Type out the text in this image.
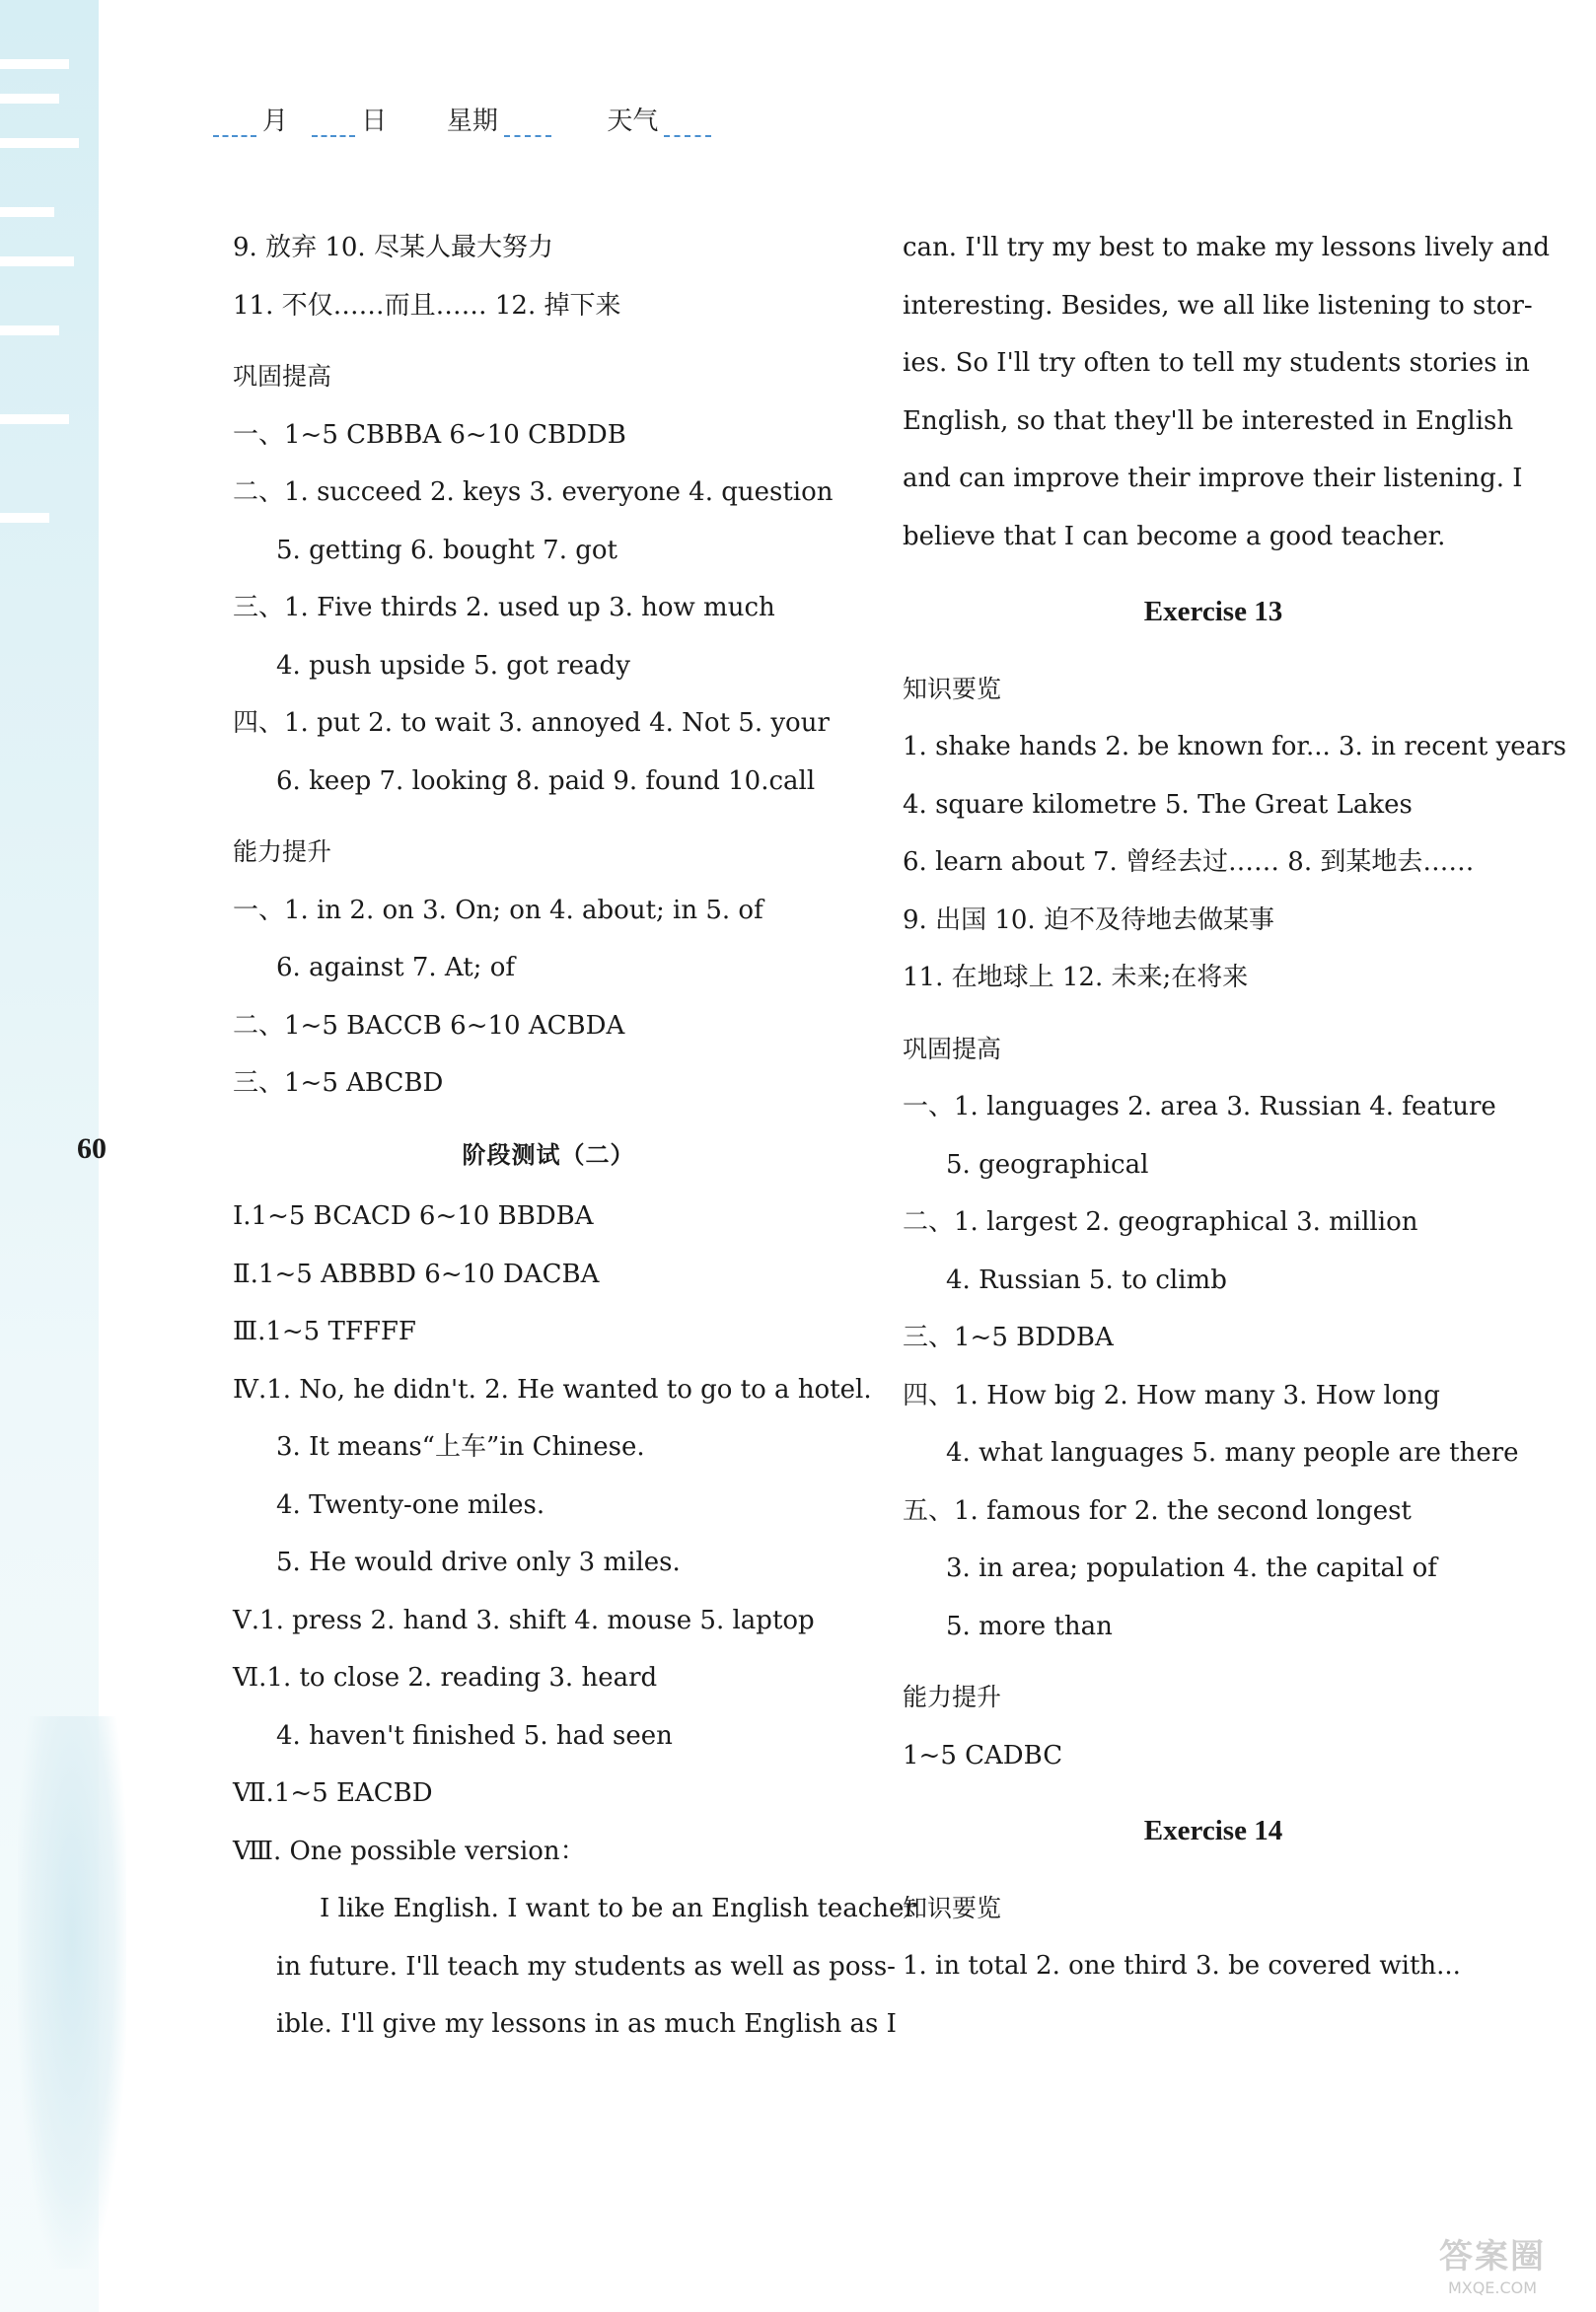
月	日 星期	天气
60
9. 放弃 10. 尽某人最大努力
11. 不仅……而且…… 12. 掉下来
巩固提高
一、1~5 CBBBA 6~10 CBDDB
二、1. succeed 2. keys 3. everyone 4. question
5. getting 6. bought 7. got
三、1. Five thirds 2. used up 3. how much
4. push upside 5. got ready
四、1. put 2. to wait 3. annoyed 4. Not 5. your
6. keep 7. looking 8. paid 9. found 10.call
能力提升
一、1. in 2. on 3. On; on 4. about; in 5. of
6. against 7. At; of
二、1~5 BACCB 6~10 ACBDA
三、1~5 ABCBD
阶段测试（二）
Ⅰ.1~5 BCACD 6~10 BBDBA
Ⅱ.1~5 ABBBD 6~10 DACBA
Ⅲ.1~5 TFFFF
Ⅳ.1. No, he didn't. 2. He wanted to go to a hotel.
3. It means“上车”in Chinese.
4. Twenty-one miles.
5. He would drive only 3 miles.
Ⅴ.1. press 2. hand 3. shift 4. mouse 5. laptop
Ⅵ.1. to close 2. reading 3. heard
4. haven't finished 5. had seen
Ⅶ.1~5 EACBD
Ⅷ. One possible version：
I like English. I want to be an English teacher
in future. I'll teach my students as well as poss-
ible. I'll give my lessons in as much English as I
can. I'll try my best to make my lessons lively and
interesting. Besides, we all like listening to stor-
ies. So I'll try often to tell my students stories in
English, so that they'll be interested in English
and can improve their improve their listening. I
believe that I can become a good teacher.
Exercise 13
知识要览
1. shake hands 2. be known for... 3. in recent years
4. square kilometre 5. The Great Lakes
6. learn about 7. 曾经去过…… 8. 到某地去……
9. 出国 10. 迫不及待地去做某事
11. 在地球上 12. 未来;在将来
巩固提高
一、1. languages 2. area 3. Russian 4. feature
5. geographical
二、1. largest 2. geographical 3. million
4. Russian 5. to climb
三、1~5 BDDBA
四、1. How big 2. How many 3. How long
4. what languages 5. many people are there
五、1. famous for 2. the second longest
3. in area; population 4. the capital of
5. more than
能力提升
1~5 CADBC
Exercise 14
知识要览
1. in total 2. one third 3. be covered with...
答案圈
MXQE.COM
